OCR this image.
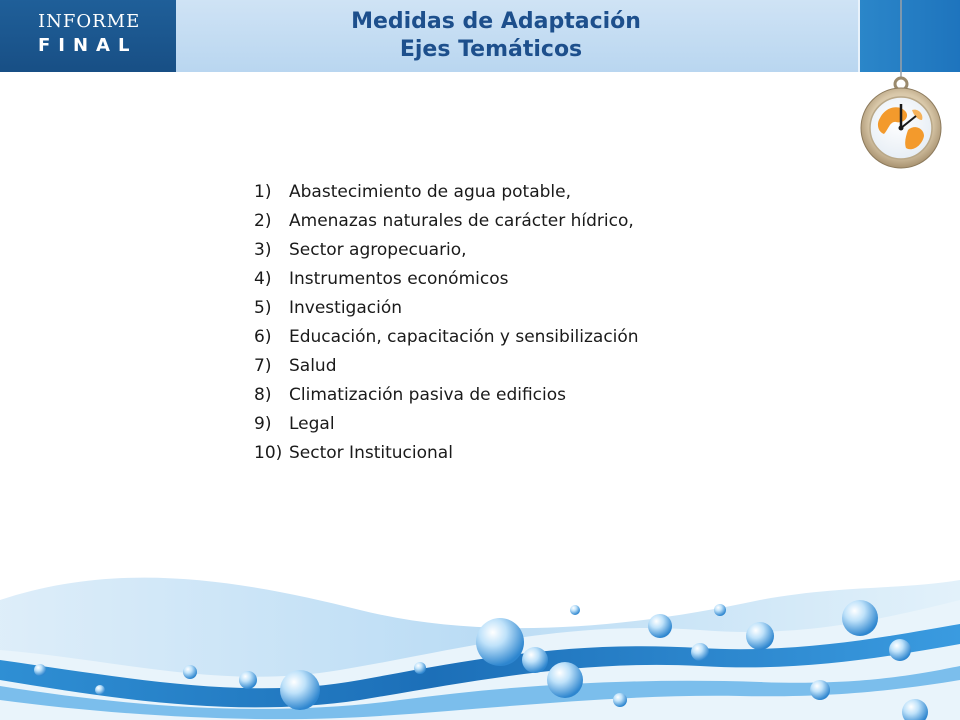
INFORME
FINAL
Medidas de Adaptación
Ejes Temáticos
1)	Abastecimiento de agua potable,
2)	Amenazas naturales de carácter hídrico,
3)	Sector agropecuario,
4)	Instrumentos económicos
5)	Investigación
6)	Educación, capacitación y sensibilización
7)	Salud
8)	Climatización pasiva de edificios
9)	Legal
10) Sector Institucional
